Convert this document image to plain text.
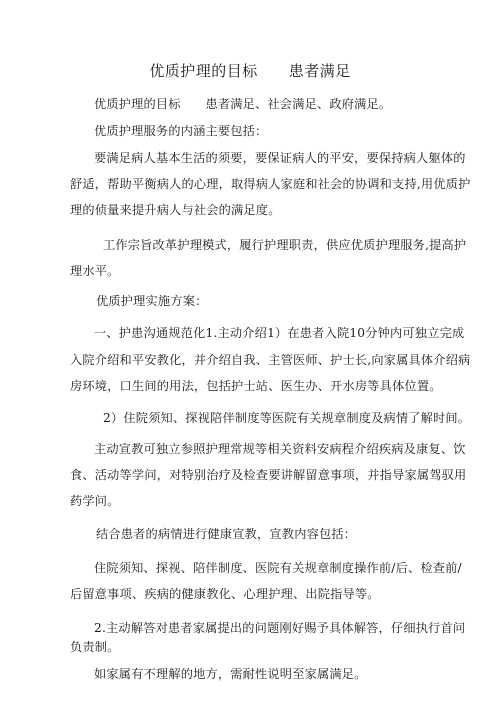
优质护理的目标　　患者满足
优质护理的目标　　患者满足、社会满足、政府满足。
优质护理服务的内涵主要包括：
要满足病人基本生活的须要，要保证病人的平安，要保持病人躯体的
舒适，帮助平衡病人的心理，取得病人家庭和社会的协调和支持,用优质护
理的侦量来提升病人与社会的满足度。
工作宗旨改革护理模式，履行护理职责，供应优质护理服务,提高护
理水平。
优质护理实施方案：
一、护患沟通规范化1.主动介绍1）在患者入院10分钟内可独立完成
入院介绍和平安教化，并介绍自我、主管医师、护士长,向家属具体介绍病
房环境，口生间的用法，包括护士站、医生办、开水房等具体位置。
2）住院须知、探视陪伴制度等医院有关规章制度及病情了解时间。
主动宣教可独立参照护理常规等相关资料安病程介绍疾病及康复、饮
食、活动等学问，对特别治疗及检查要讲解留意事项，并指导家属驾驭用
药学问。
结合患者的病情进行健康宣教，宣教内容包括：
住院须知、探视、陪伴制度、医院有关规章制度操作前/后、检查前/
后留意事项、疾病的健康教化、心理护理、出院指导等。
2.主动解答对患者家属提出的问题刚好赐予具体解答，仔细执行首问
负责制。
如家属有不理解的地方，需耐性说明至家属满足。
